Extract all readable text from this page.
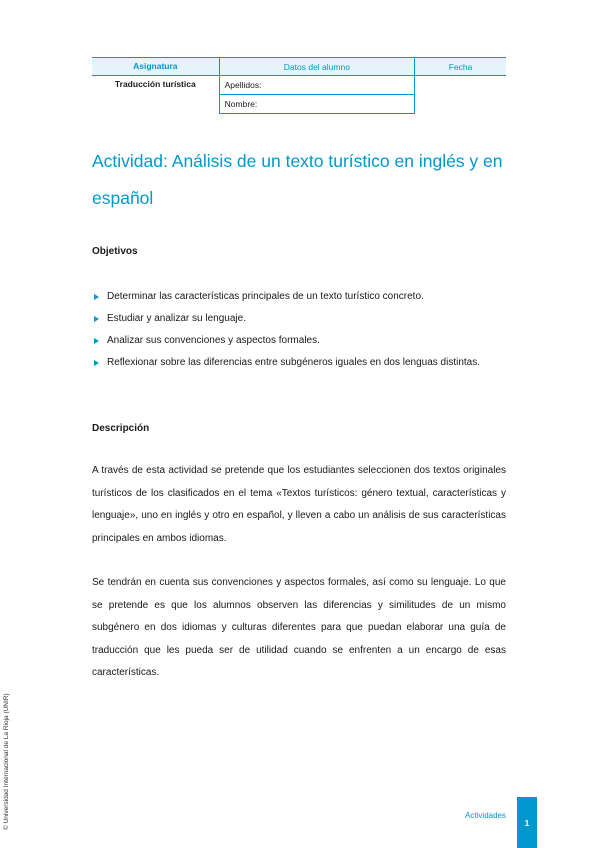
Asignatura	Datos del alumno	Fecha
Traducción turística	Apellidos:	
	Nombre:	
Actividad: Análisis de un texto turístico en inglés y en español
Objetivos
Determinar las características principales de un texto turístico concreto.
Estudiar y analizar su lenguaje.
Analizar sus convenciones y aspectos formales.
Reflexionar sobre las diferencias entre subgéneros iguales en dos lenguas distintas.
Descripción

A través de esta actividad se pretende que los estudiantes seleccionen dos textos originales turísticos de los clasificados en el tema «Textos turísticos: género textual, características y lenguaje», uno en inglés y otro en español, y lleven a cabo un análisis de sus características principales en ambos idiomas.

Se tendrán en cuenta sus convenciones y aspectos formales, así como su lenguaje. Lo que se pretende es que los alumnos observen las diferencias y similitudes de un mismo subgénero en dos idiomas y culturas diferentes para que puedan elaborar una guía de traducción que les pueda ser de utilidad cuando se enfrenten a un encargo de esas características.

© Universidad Internacional de La Rioja (UNIR)	Actividades
1
